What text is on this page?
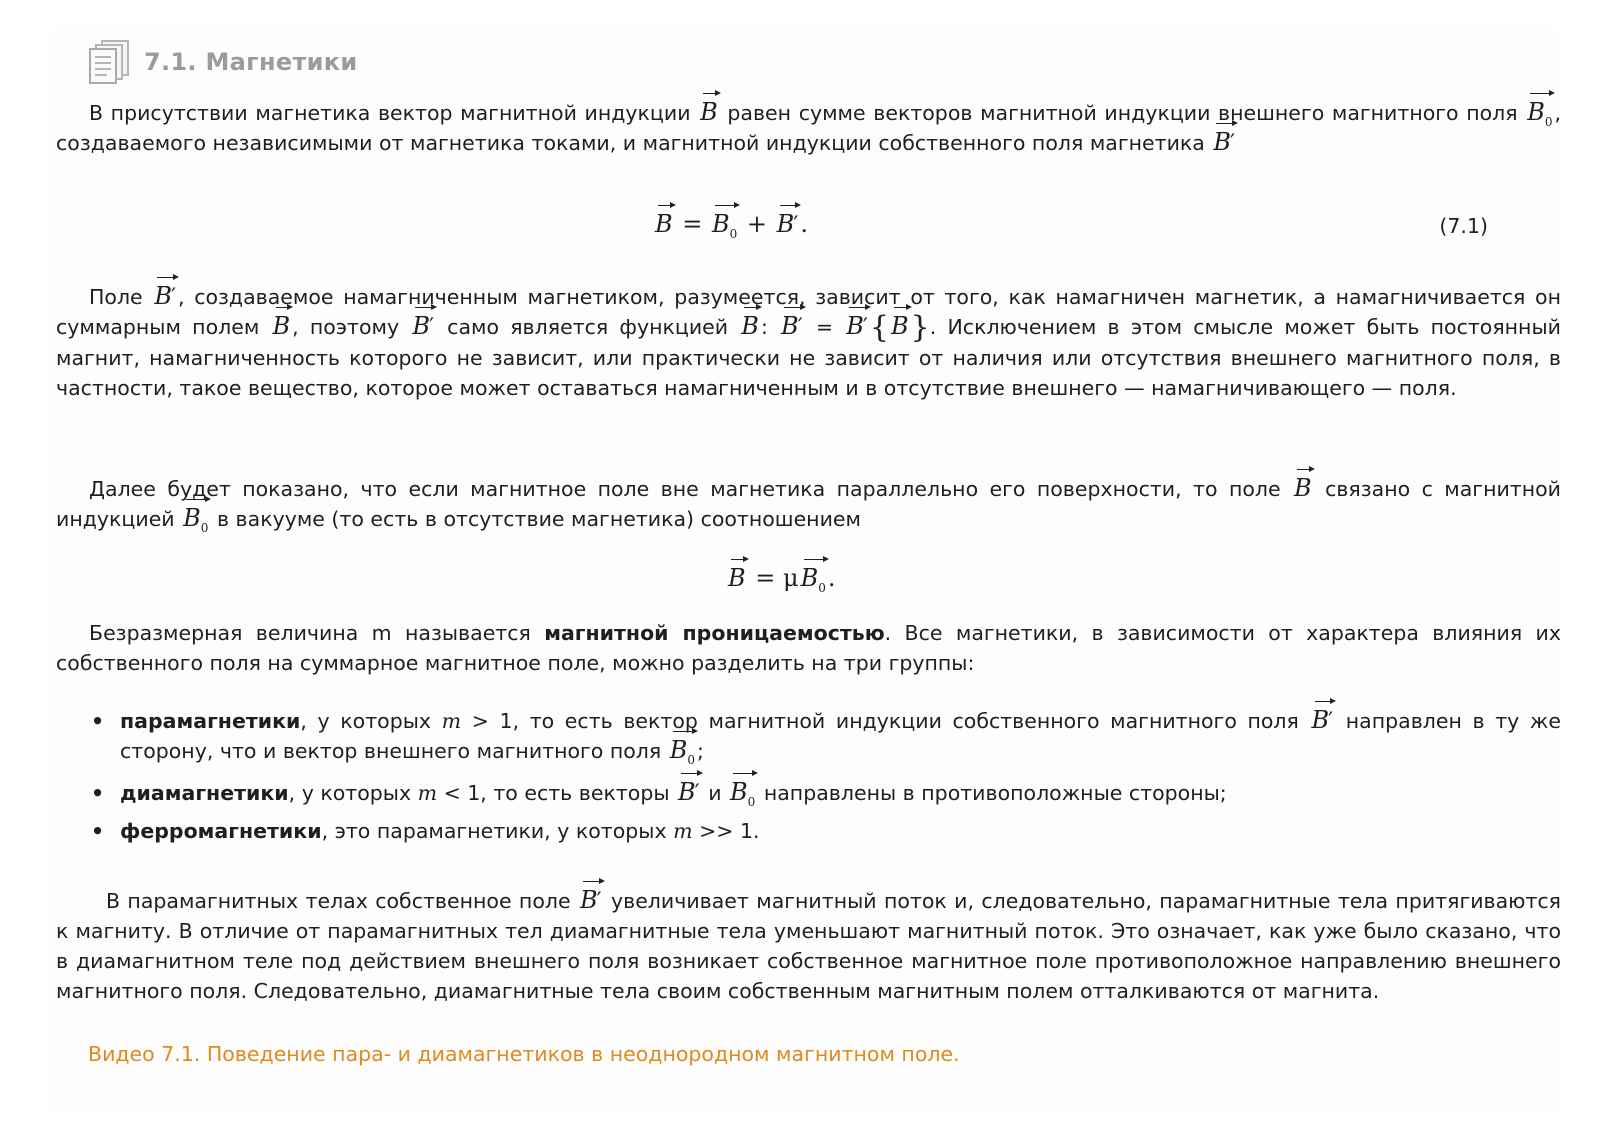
7.1. Магнетики
В присутствии магнетика вектор магнитной индукции B равен сумме векторов магнитной индукции внешнего магнитного поля $B_0$, создаваемого независимыми от магнетика токами, и магнитной индукции собственного поля магнетика B′
$B = B_0 + B'$.	(7.1)
Поле B′, создаваемое намагниченным магнетиком, разумеется, зависит от того, как намагничен магнетик, а намагничивается он суммарным полем B, поэтому B′ само является функцией B: B′ = B′{B}. Исключением в этом смысле может быть постоянный магнит, намагниченность которого не зависит, или практически не зависит от наличия или отсутствия внешнего магнитного поля, в частности, такое вещество, которое может оставаться намагниченным и в отсутствие внешнего — намагничивающего — поля.
Далее будет показано, что если магнитное поле вне магнетика параллельно его поверхности, то поле B связано с магнитной индукцией $B_0$ в вакууме (то есть в отсутствие магнетика) соотношением
$B = \mu B_0$.
Безразмерная величина m называется магнитной проницаемостью. Все магнетики, в зависимости от характера влияния их собственного поля на суммарное магнитное поле, можно разделить на три группы:
• парамагнетики, у которых m > 1, то есть вектор магнитной индукции собственного магнитного поля B′ направлен в ту же сторону, что и вектор внешнего магнитного поля $B_0$;
• диамагнетики, у которых m < 1, то есть векторы B′ и $B_0$ направлены в противоположные стороны;
• ферромагнетики, это парамагнетики, у которых m >> 1.
В парамагнитных телах собственное поле B′ увеличивает магнитный поток и, следовательно, парамагнитные тела притягиваются к магниту. В отличие от парамагнитных тел диамагнитные тела уменьшают магнитный поток. Это означает, как уже было сказано, что в диамагнитном теле под действием внешнего поля возникает собственное магнитное поле противоположное направлению внешнего магнитного поля. Следовательно, диамагнитные тела своим собственным магнитным полем отталкиваются от магнита.
Видео 7.1. Поведение пара- и диамагнетиков в неоднородном магнитном поле.
